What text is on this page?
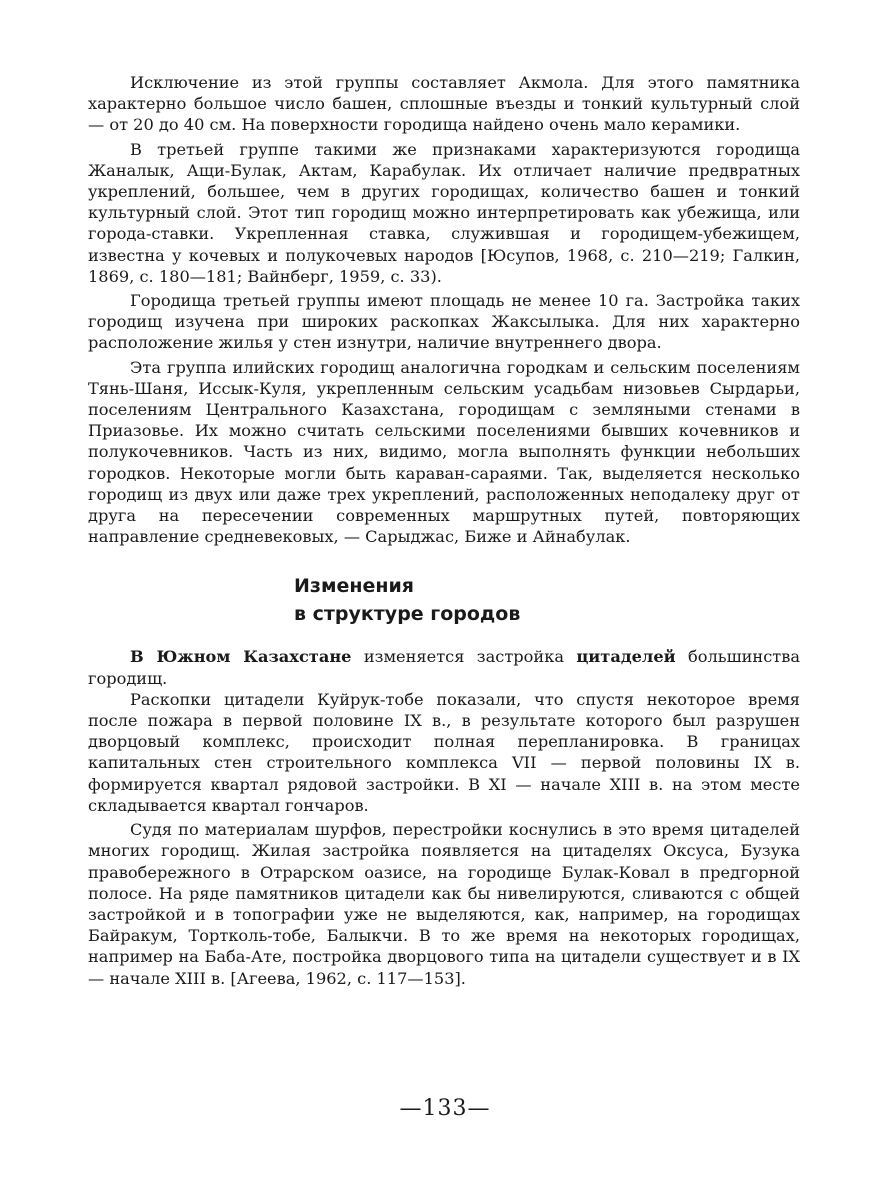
Исключение из этой группы составляет Акмола. Для этого памятника характерно большое число башен, сплошные въезды и тонкий культурный слой — от 20 до 40 см. На поверхности городища найдено очень мало керамики.

В третьей группе такими же признаками характеризуются городища Жаналык, Ащи-Булак, Актам, Карабулак. Их отличает наличие предвратных укреплений, большее, чем в других городищах, количество башен и тонкий культурный слой. Этот тип городищ можно интерпретировать как убежища, или города-ставки. Укрепленная ставка, служившая и городищем-убежищем, известна у кочевых и полукочевых народов [Юсупов, 1968, с. 210—219; Галкин, 1869, с. 180—181; Вайнберг, 1959, с. 33).

Городища третьей группы имеют площадь не менее 10 га. Застройка таких городищ изучена при широких раскопках Жаксылыка. Для них характерно расположение жилья у стен изнутри, наличие внутреннего двора.

Эта группа илийских городищ аналогична городкам и сельским поселениям Тянь-Шаня, Иссык-Куля, укрепленным сельским усадьбам низовьев Сырдарьи, поселениям Центрального Казахстана, городищам с земляными стенами в Приазовье. Их можно считать сельскими поселениями бывших кочевников и полукочевников. Часть из них, видимо, могла выполнять функции небольших городков. Некоторые могли быть караван-сараями. Так, выделяется несколько городищ из двух или даже трех укреплений, расположенных неподалеку друг от друга на пересечении современных маршрутных путей, повторяющих направление средневековых, — Сарыджас, Биже и Айнабулак.

Изменения

в структуре городов

В Южном Казахстане изменяется застройка цитаделей большинства городищ.

Раскопки цитадели Куйрук-тобе показали, что спустя некоторое время после пожара в первой половине IX в., в результате которого был разрушен дворцовый комплекс, происходит полная перепланировка. В границах капитальных стен строительного комплекса VII — первой половины IX в. формируется квартал рядовой застройки. В XI — начале XIII в. на этом месте складывается квартал гончаров.

Судя по материалам шурфов, перестройки коснулись в это время цитаделей многих городищ. Жилая застройка появляется на цитаделях Оксуса, Бузука правобережного в Отрарском оазисе, на городище Булак-Ковал в предгорной полосе. На ряде памятников цитадели как бы нивелируются, сливаются с общей застройкой и в топографии уже не выделяются, как, например, на городищах Байракум, Тортколь-тобе, Балыкчи. В то же время на некоторых городищах, например на Баба-Ате, постройка дворцового типа на цитадели существует и в IX — начале XIII в. [Агеева, 1962, с. 117—153].

—133—
